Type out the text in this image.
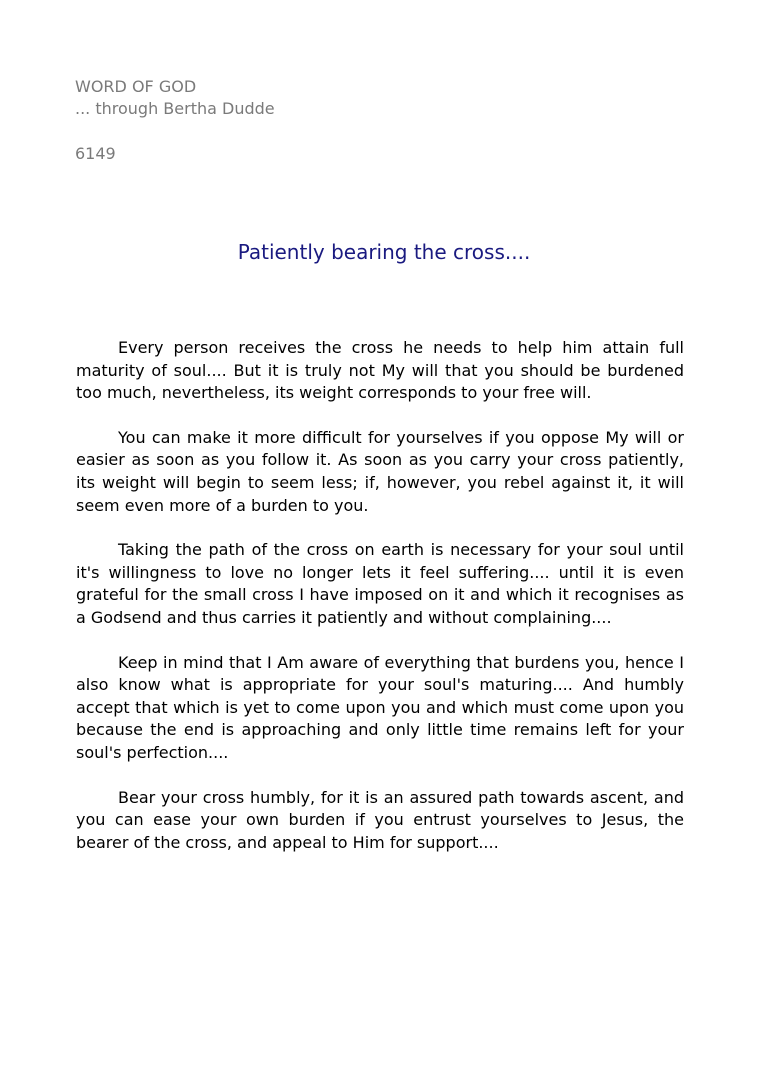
WORD OF GOD
... through Bertha Dudde
6149
Patiently bearing the cross....

Every person receives the cross he needs to help him attain full maturity of soul.... But it is truly not My will that you should be burdened too much, nevertheless, its weight corresponds to your free will.

You can make it more difficult for yourselves if you oppose My will or easier as soon as you follow it. As soon as you carry your cross patiently, its weight will begin to seem less; if, however, you rebel against it, it will seem even more of a burden to you.

Taking the path of the cross on earth is necessary for your soul until it's willingness to love no longer lets it feel suffering.... until it is even grateful for the small cross I have imposed on it and which it recognises as a Godsend and thus carries it patiently and without complaining....

Keep in mind that I Am aware of everything that burdens you, hence I also know what is appropriate for your soul's maturing.... And humbly accept that which is yet to come upon you and which must come upon you because the end is approaching and only little time remains left for your soul's perfection....

Bear your cross humbly, for it is an assured path towards ascent, and you can ease your own burden if you entrust yourselves to Jesus, the bearer of the cross, and appeal to Him for support....
